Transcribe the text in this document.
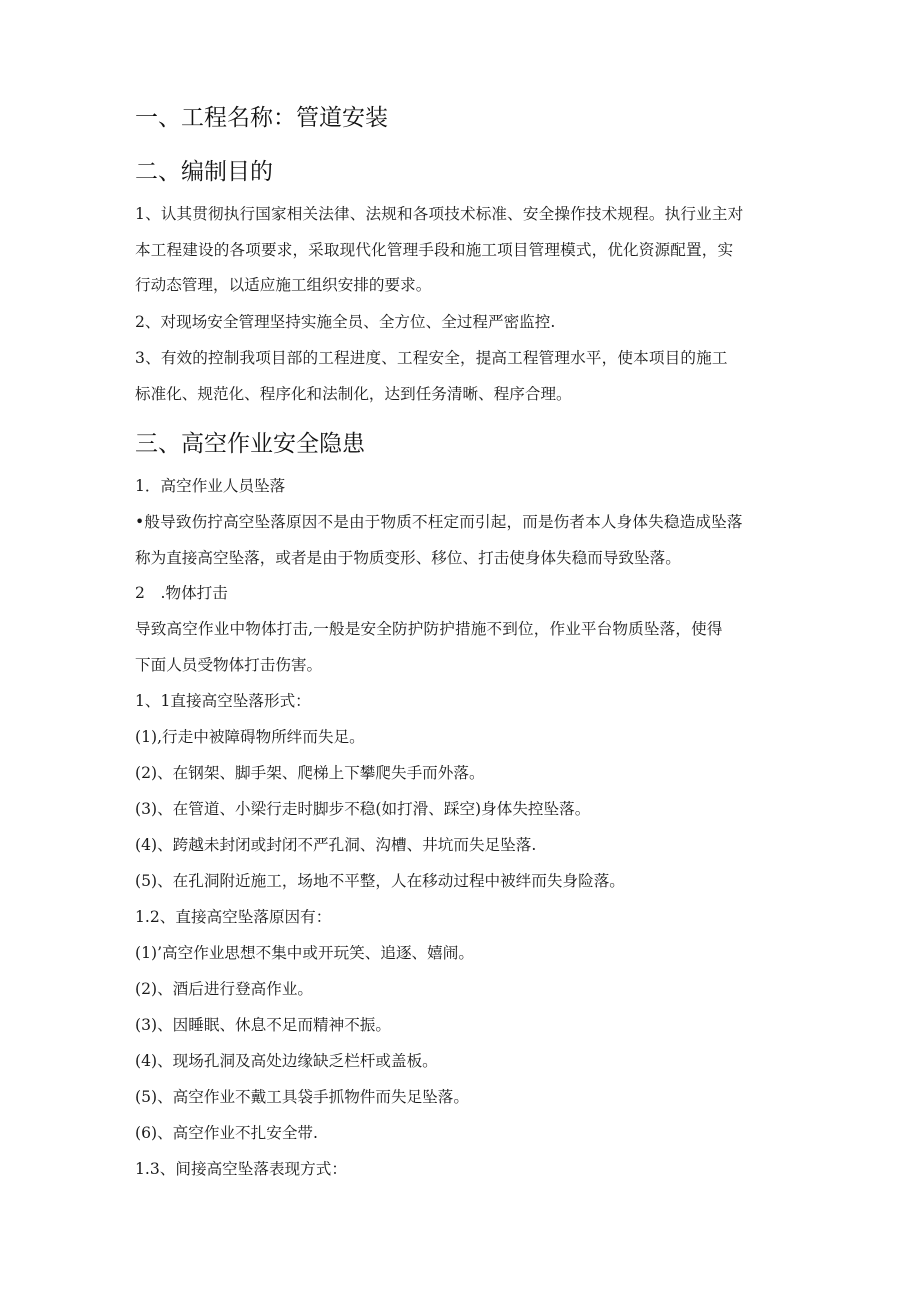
一、工程名称：管道安装
二、编制目的
1、认其贯彻执行国家相关法律、法规和各项技术标准、安全操作技术规程。执行业主对
本工程建设的各项要求，采取现代化管理手段和施工项目管理模式，优化资源配置，实
行动态管理，以适应施工组织安排的要求。
2、对现场安全管理坚持实施全员、全方位、全过程严密监控.
3、有效的控制我项目部的工程进度、工程安全，提高工程管理水平，使本项目的施工
标准化、规范化、程序化和法制化，达到任务清晰、程序合理。
三、高空作业安全隐患
1．高空作业人员坠落
•般导致伤拧高空坠落原因不是由于物质不枉定而引起，而是伤者本人身体失稳造成坠落
称为直接高空坠落，或者是由于物质变形、移位、打击使身体失稳而导致坠落。
2　.物体打击
导致高空作业中物体打击,一般是安全防护防护措施不到位，作业平台物质坠落，使得
下面人员受物体打击伤害。
1、1直接高空坠落形式：
(1),行走中被障碍物所绊而失足。
(2)、在钢架、脚手架、爬梯上下攀爬失手而外落。
(3)、在管道、小梁行走时脚步不稳(如打滑、踩空)身体失控坠落。
(4)、跨越未封闭或封闭不严孔洞、沟槽、井坑而失足坠落.
(5)、在孔洞附近施工，场地不平整，人在移动过程中被绊而失身险落。
1.2、直接高空坠落原因有：
(1)’高空作业思想不集中或开玩笑、追逐、嬉闹。
(2)、酒后进行登高作业。
(3)、因睡眠、休息不足而精神不振。
(4)、现场孔洞及高处边缘缺乏栏杆或盖板。
(5)、高空作业不戴工具袋手抓物件而失足坠落。
(6)、高空作业不扎安全带.
1.3、间接高空坠落表现方式：
